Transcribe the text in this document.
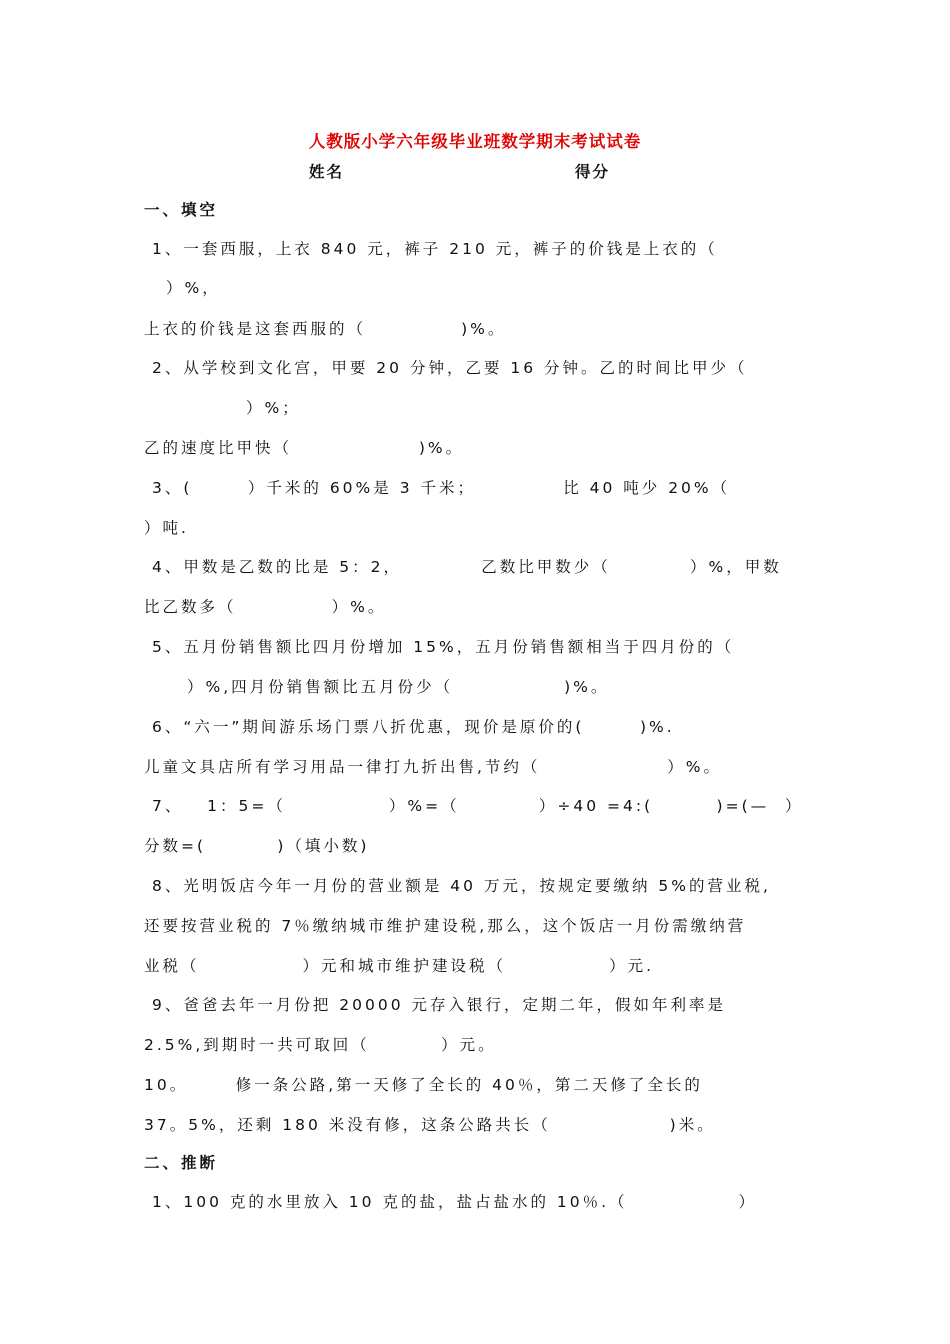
人教版小学六年级毕业班数学期末考试试卷
姓名	得分
一、填空
1、一套西服，上衣 840 元，裤子 210 元，裤子的价钱是上衣的（
）%，
上衣的价钱是这套西服的（            )%。
2、从学校到文化宫，甲要 20 分钟，乙要 16 分钟。乙的时间比甲少（
）%；
乙的速度比甲快（                )%。
3、(       ）千米的 60%是 3 千米；           比 40 吨少 20%（
）吨.
4、甲数是乙数的比是 5：2，          乙数比甲数少（          ）%，甲数
比乙数多（            ）%。
5、五月份销售额比四月份增加 15%，五月份销售额相当于四月份的（
）%,四月份销售额比五月份少（              )%。
6、“六一”期间游乐场门票八折优惠，现价是原价的(       )%.
儿童文具店所有学习用品一律打九折出售,节约（                ）%。
7、   1：5=（             ）%=（          ）÷40 =4:(        )=(—  ）
分数=(         )（填小数)
8、光明饭店今年一月份的营业额是 40 万元，按规定要缴纳 5%的营业税,
还要按营业税的 7％缴纳城市维护建设税,那么，这个饭店一月份需缴纳营
业税（             ）元和城市维护建设税（             ）元.
9、爸爸去年一月份把 20000 元存入银行，定期二年，假如年利率是
2.5%,到期时一共可取回（         ）元。
10。      修一条公路,第一天修了全长的 40％，第二天修了全长的
37。5%，还剩 180 米没有修，这条公路共长（               )米。
二、推断
1、100 克的水里放入 10 克的盐，盐占盐水的 10％.（              ）
